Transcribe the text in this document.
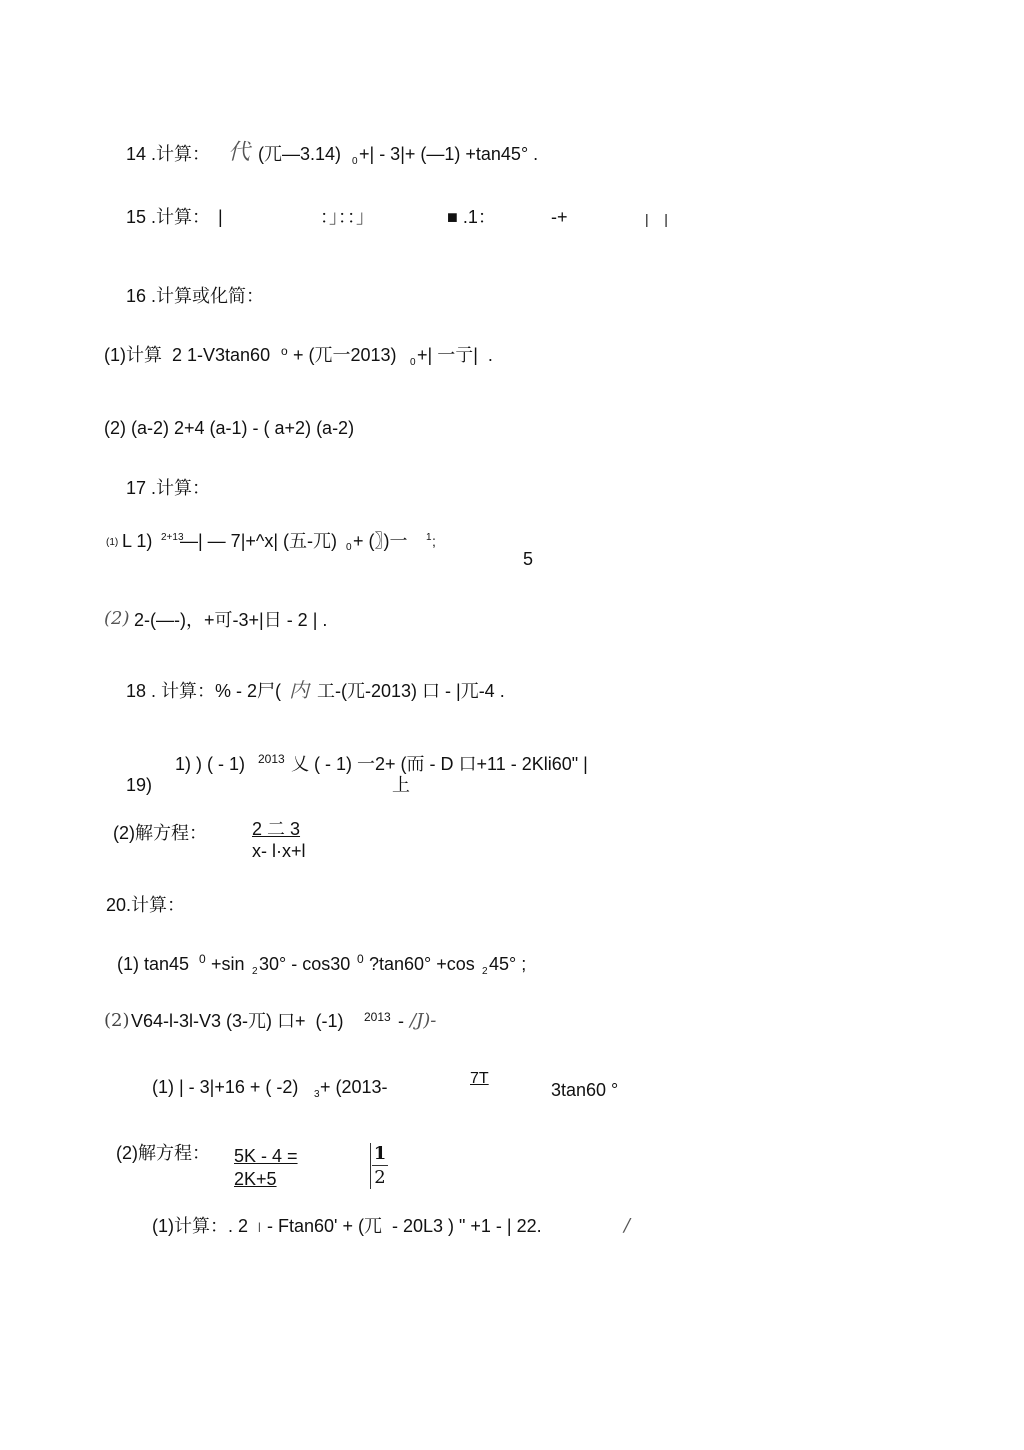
14 .计算： 代 (兀—3.14) 0 +| - 3|+ (—1) +tan45° .
15 .计算： |	：」：：」	■ .1：	-+	|    |
16 .计算或化简：
(1)计算  2 1-V3tan60 o + (兀一2013) 0 +| 一亍|  .
(2) (a-2) 2+4 (a-1) - ( a+2) (a-2)
17 .计算：
(1) L 1) 2+13
—| — 7|+^x| (五-兀) 0 + (〗)一 1 ;
5
(2) 2-(—-)，+可-3+|日 - 2 | .
18 . 计算：% - 2尸( 内 工-(兀-2013) 口 - |兀-4 .
1) ) ( - 1) 2013 乂 ( - 1) 一2+ (而 - D 口+11 - 2Kli60" |
上
19)
(2)解方程：	2 二 3
x- l·x+l
20.计算：
(1) tan45 0 +sin 2 30° - cos30 0 ?tan60° +cos 2 45° ;
(2)
V64-l-3l-V3 (3-兀) 口+  (-1) 2013 - /J)-
(1) | - 3|+16 + ( -2) 3 + (2013-	7T
3tan60 °
(2)解方程： 5K - 4 =
2K+5
1
2
(1)计算：. 2 | - Ftan60' + (兀  - 20L3 ) " +1 - | 22.	/
